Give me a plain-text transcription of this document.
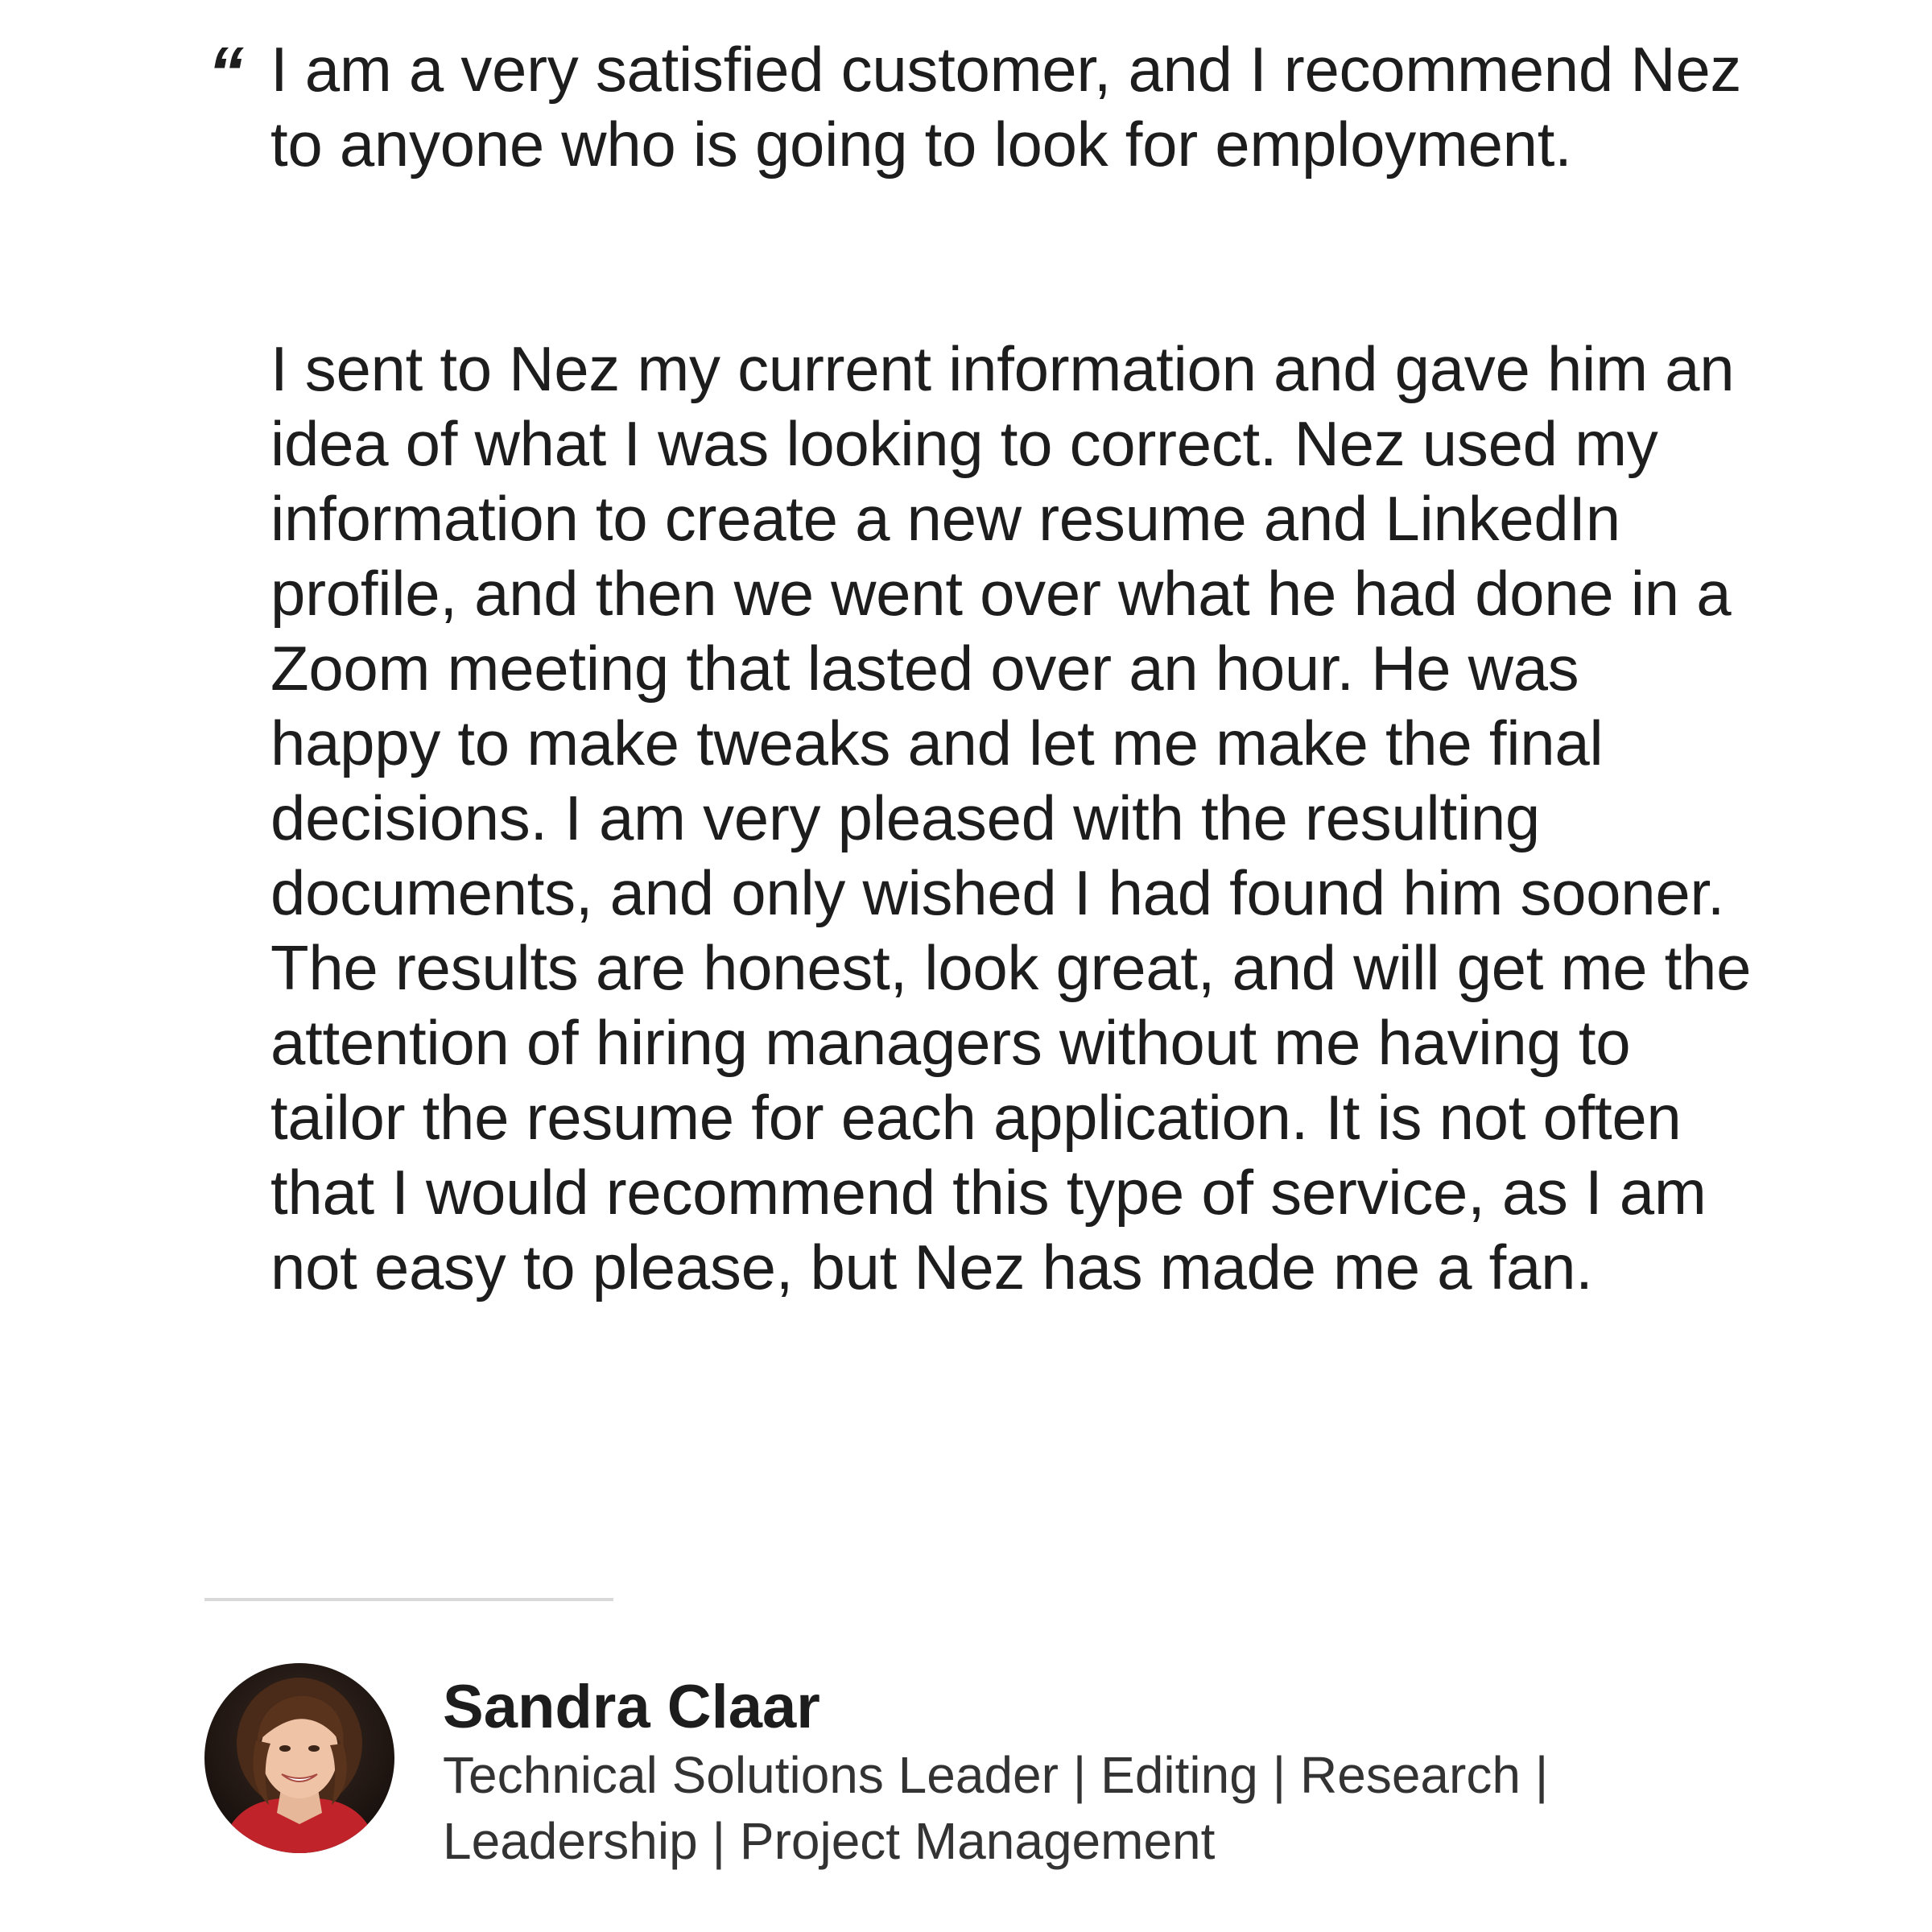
“ I am a very satisfied customer, and I recommend Nez to anyone who is going to look for employment.

I sent to Nez my current information and gave him an idea of what I was looking to correct. Nez used my information to create a new resume and LinkedIn profile, and then we went over what he had done in a Zoom meeting that lasted over an hour. He was happy to make tweaks and let me make the final decisions. I am very pleased with the resulting documents, and only wished I had found him sooner. The results are honest, look great, and will get me the attention of hiring managers without me having to tailor the resume for each application. It is not often that I would recommend this type of service, as I am not easy to please, but Nez has made me a fan.

Sandra Claar
Technical Solutions Leader | Editing | Research | Leadership | Project Management
